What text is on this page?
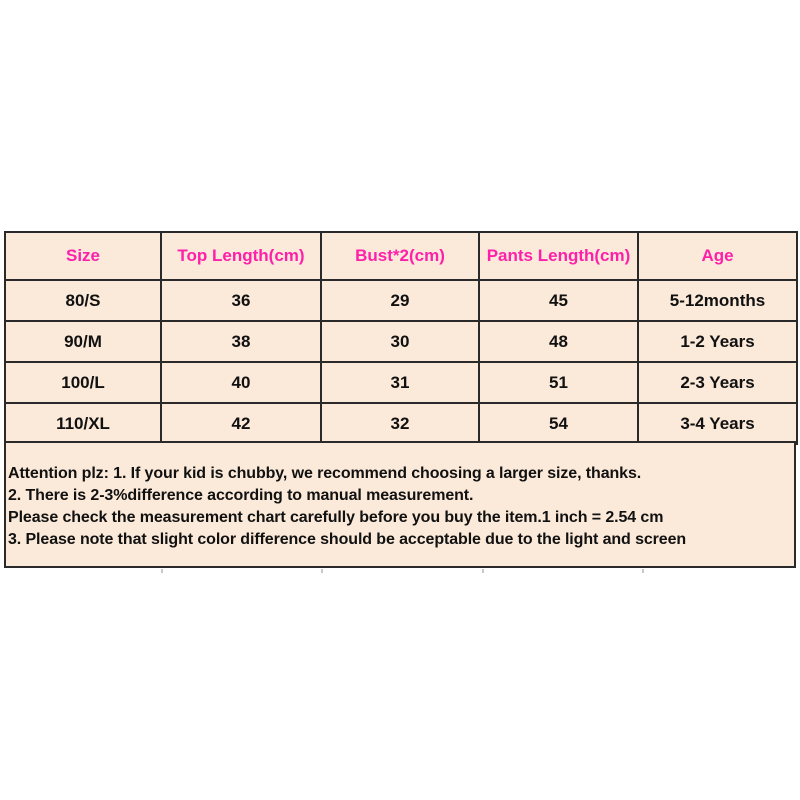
Size	Top Length(cm)	Bust*2(cm)	Pants Length(cm)	Age
80/S	36	29	45	5-12months
90/M	38	30	48	1-2 Years
100/L	40	31	51	2-3 Years
110/XL	42	32	54	3-4 Years
Attention plz: 1. If your kid is chubby, we recommend choosing a larger size, thanks.
2. There is 2-3%difference according to manual measurement.
Please check the measurement chart carefully before you buy the item.1 inch = 2.54 cm
3. Please note that slight color difference should be acceptable due to the light and screen
